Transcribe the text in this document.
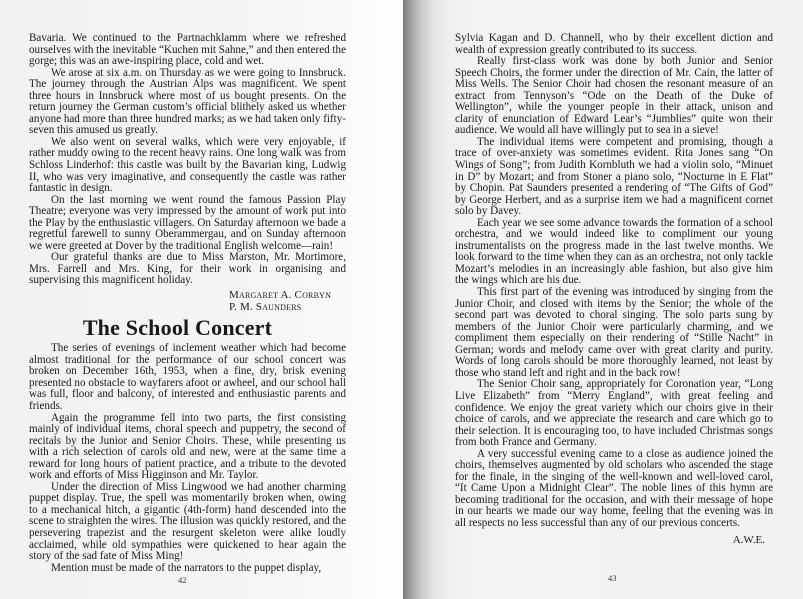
Bavaria. We continued to the Partnachklamm where we refreshed ourselves with the inevitable “Kuchen mit Sahne,” and then entered the gorge; this was an awe-inspiring place, cold and wet.

We arose at six a.m. on Thursday as we were going to Innsbruck. The journey through the Austrian Alps was magnificent. We spent three hours in Innsbruck where most of us bought presents. On the return journey the German custom’s official blithely asked us whether anyone had more than three hundred marks; as we had taken only fifty-seven this amused us greatly.

We also went on several walks, which were very enjoyable, if rather muddy owing to the recent heavy rains. One long walk was from Schloss Linderhof: this castle was built by the Bavarian king, Ludwig II, who was very imaginative, and consequently the castle was rather fantastic in design.

On the last morning we went round the famous Passion Play Theatre; everyone was very impressed by the amount of work put into the Play by the enthusiastic villagers. On Saturday afternoon we bade a regretful farewell to sunny Oberammergau, and on Sunday afternoon we were greeted at Dover by the traditional English welcome—rain!

Our grateful thanks are due to Miss Marston, Mr. Mortimore, Mrs. Farrell and Mrs. King, for their work in organising and supervising this magnificent holiday.

Margaret A. Corbyn
P. M. Saunders
The School Concert

The series of evenings of inclement weather which had become almost traditional for the performance of our school concert was broken on December 16th, 1953, when a fine, dry, brisk evening presented no obstacle to wayfarers afoot or awheel, and our school hall was full, floor and balcony, of interested and enthusiastic parents and friends.

Again the programme fell into two parts, the first consisting mainly of individual items, choral speech and puppetry, the second of recitals by the Junior and Senior Choirs. These, while presenting us with a rich selection of carols old and new, were at the same time a reward for long hours of patient practice, and a tribute to the devoted work and efforts of Miss Higginson and Mr. Taylor.

Under the direction of Miss Lingwood we had another charming puppet display. True, the spell was momentarily broken when, owing to a mechanical hitch, a gigantic (4th-form) hand descended into the scene to straighten the wires. The illusion was quickly restored, and the persevering trapezist and the resurgent skeleton were alike loudly acclaimed, while old sympathies were quickened to hear again the story of the sad fate of Miss Ming!

Mention must be made of the narrators to the puppet display,

42

Sylvia Kagan and D. Channell, who by their excellent diction and wealth of expression greatly contributed to its success.

Really first-class work was done by both Junior and Senior Speech Choirs, the former under the direction of Mr. Cain, the latter of Miss Wells. The Senior Choir had chosen the resonant measure of an extract from Tennyson’s “Ode on the Death of the Duke of Wellington”, while the younger people in their attack, unison and clarity of enunciation of Edward Lear’s “Jumblies” quite won their audience. We would all have willingly put to sea in a sieve!

The individual items were competent and promising, though a trace of over-anxiety was sometimes evident. Rita Jones sang “On Wings of Song”; from Judith Kornbluth we had a violin solo, “Minuet in D” by Mozart; and from Stoner a piano solo, “Nocturne in E Flat” by Chopin. Pat Saunders presented a rendering of “The Gifts of God” by George Herbert, and as a surprise item we had a magnificent cornet solo by Davey.

Each year we see some advance towards the formation of a school orchestra, and we would indeed like to compliment our young instrumentalists on the progress made in the last twelve months. We look forward to the time when they can as an orchestra, not only tackle Mozart’s melodies in an increasingly able fashion, but also give him the wings which are his due.

This first part of the evening was introduced by singing from the Junior Choir, and closed with items by the Senior; the whole of the second part was devoted to choral singing. The solo parts sung by members of the Junior Choir were particularly charming, and we compliment them especially on their rendering of “Stille Nacht” in German; words and melody came over with great clarity and purity. Words of long carols should be more thoroughly learned, not least by those who stand left and right and in the back row!

The Senior Choir sang, appropriately for Coronation year, “Long Live Elizabeth” from “Merry England”, with great feeling and confidence. We enjoy the great variety which our choirs give in their choice of carols, and we appreciate the research and care which go to their selection. It is encouraging too, to have included Christmas songs from both France and Germany.

A very successful evening came to a close as audience joined the choirs, themselves augmented by old scholars who ascended the stage for the finale, in the singing of the well-known and well-loved carol, “It Came Upon a Midnight Clear”. The noble lines of this hymn are becoming traditional for the occasion, and with their message of hope in our hearts we made our way home, feeling that the evening was in all respects no less successful than any of our previous concerts.

A.W.E.
43
